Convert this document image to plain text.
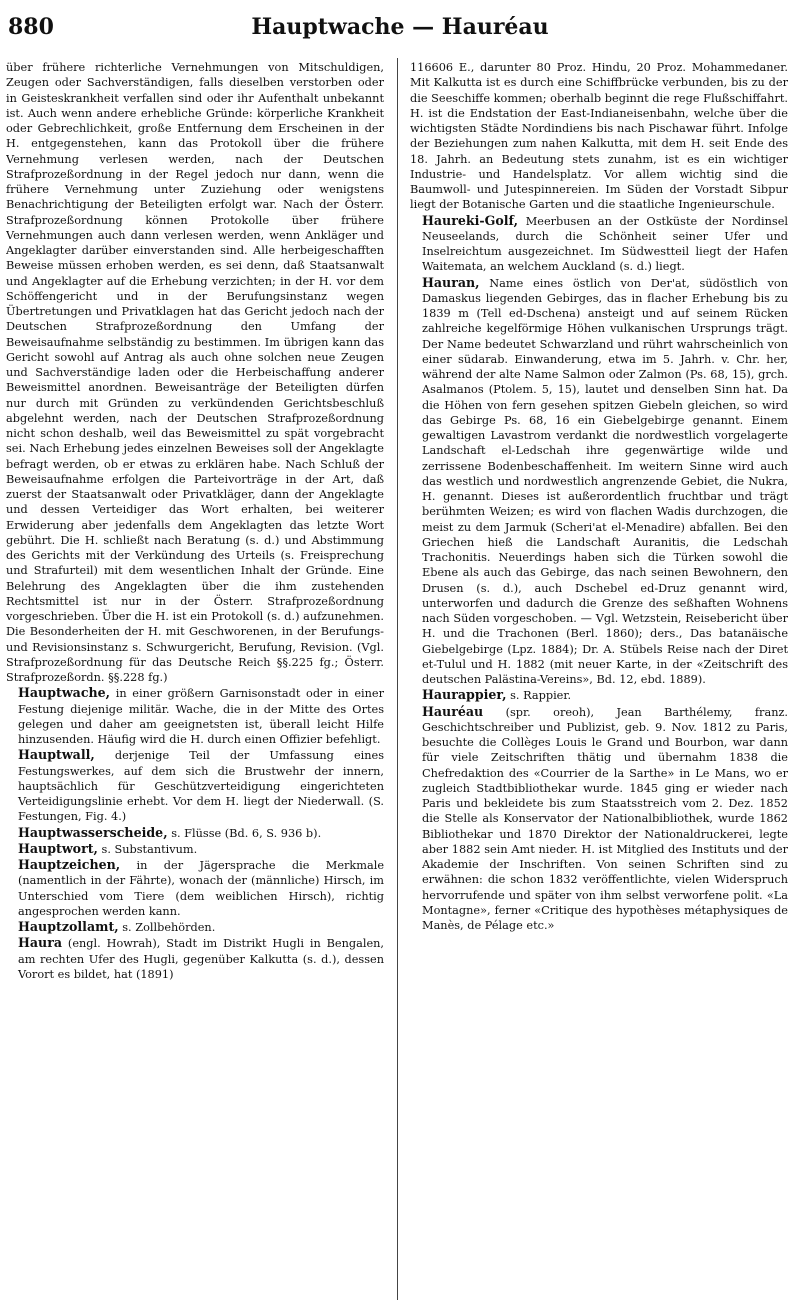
880	Hauptwache — Hauréau

über frühere richterliche Vernehmungen von Mitschuldigen, Zeugen oder Sachverständigen, falls dieselben verstorben oder in Geisteskrankheit verfallen sind oder ihr Aufenthalt unbekannt ist. Auch wenn andere erhebliche Gründe: körperliche Krankheit oder Gebrechlichkeit, große Entfernung dem Erscheinen in der H. entgegenstehen, kann das Protokoll über die frühere Vernehmung verlesen werden, nach der Deutschen Strafprozeßordnung in der Regel jedoch nur dann, wenn die frühere Vernehmung unter Zuziehung oder wenigstens Benachrichtigung der Beteiligten erfolgt war. Nach der Österr. Strafprozeßordnung können Protokolle über frühere Vernehmungen auch dann verlesen werden, wenn Ankläger und Angeklagter darüber einverstanden sind. Alle herbeigeschafften Beweise müssen erhoben werden, es sei denn, daß Staatsanwalt und Angeklagter auf die Erhebung verzichten; in der H. vor dem Schöffengericht und in der Berufungsinstanz wegen Übertretungen und Privatklagen hat das Gericht jedoch nach der Deutschen Strafprozeßordnung den Umfang der Beweisaufnahme selbständig zu bestimmen. Im übrigen kann das Gericht sowohl auf Antrag als auch ohne solchen neue Zeugen und Sachverständige laden oder die Herbeischaffung anderer Beweismittel anordnen. Beweisanträge der Beteiligten dürfen nur durch mit Gründen zu verkündenden Gerichtsbeschluß abgelehnt werden, nach der Deutschen Strafprozeßordnung nicht schon deshalb, weil das Beweismittel zu spät vorgebracht sei. Nach Erhebung jedes einzelnen Beweises soll der Angeklagte befragt werden, ob er etwas zu erklären habe. Nach Schluß der Beweisaufnahme erfolgen die Parteivorträge in der Art, daß zuerst der Staatsanwalt oder Privatkläger, dann der Angeklagte und dessen Verteidiger das Wort erhalten, bei weiterer Erwiderung aber jedenfalls dem Angeklagten das letzte Wort gebührt. Die H. schließt nach Beratung (s. d.) und Abstimmung des Gerichts mit der Verkündung des Urteils (s. Freisprechung und Strafurteil) mit dem wesentlichen Inhalt der Gründe. Eine Belehrung des Angeklagten über die ihm zustehenden Rechtsmittel ist nur in der Österr. Strafprozeßordnung vorgeschrieben. Über die H. ist ein Protokoll (s. d.) aufzunehmen. Die Besonderheiten der H. mit Geschworenen, in der Berufungs- und Revisionsinstanz s. Schwurgericht, Berufung, Revision. (Vgl. Strafprozeßordnung für das Deutsche Reich §§.225 fg.; Österr. Strafprozeßordn. §§.228 fg.)

Hauptwache, in einer größern Garnisonstadt oder in einer Festung diejenige militär. Wache, die in der Mitte des Ortes gelegen und daher am geeignetsten ist, überall leicht Hilfe hinzusenden. Häufig wird die H. durch einen Offizier befehligt.

Hauptwall, derjenige Teil der Umfassung eines Festungswerkes, auf dem sich die Brustwehr der innern, hauptsächlich für Geschützverteidigung eingerichteten Verteidigungslinie erhebt. Vor dem H. liegt der Niederwall. (S. Festungen, Fig. 4.)

Hauptwasserscheide, s. Flüsse (Bd. 6, S. 936 b).

Hauptwort, s. Substantivum.

Hauptzeichen, in der Jägersprache die Merkmale (namentlich in der Fährte), wonach der (männliche) Hirsch, im Unterschied vom Tiere (dem weiblichen Hirsch), richtig angesprochen werden kann.

Hauptzollamt, s. Zollbehörden.

Haura (engl. Howrah), Stadt im Distrikt Hugli in Bengalen, am rechten Ufer des Hugli, gegenüber Kalkutta (s. d.), dessen Vorort es bildet, hat (1891)

116606 E., darunter 80 Proz. Hindu, 20 Proz. Mohammedaner. Mit Kalkutta ist es durch eine Schiffbrücke verbunden, bis zu der die Seeschiffe kommen; oberhalb beginnt die rege Flußschiffahrt. H. ist die Endstation der East-Indianeisenbahn, welche über die wichtigsten Städte Nordindiens bis nach Pischawar führt. Infolge der Beziehungen zum nahen Kalkutta, mit dem H. seit Ende des 18. Jahrh. an Bedeutung stets zunahm, ist es ein wichtiger Industrie- und Handelsplatz. Vor allem wichtig sind die Baumwoll- und Jutespinnereien. Im Süden der Vorstadt Sibpur liegt der Botanische Garten und die staatliche Ingenieurschule.

Haureki-Golf, Meerbusen an der Ostküste der Nordinsel Neuseelands, durch die Schönheit seiner Ufer und Inselreichtum ausgezeichnet. Im Südwestteil liegt der Hafen Waitemata, an welchem Auckland (s. d.) liegt.

Hauran, Name eines östlich von Der'at, südöstlich von Damaskus liegenden Gebirges, das in flacher Erhebung bis zu 1839 m (Tell ed-Dschena) ansteigt und auf seinem Rücken zahlreiche kegelförmige Höhen vulkanischen Ursprungs trägt. Der Name bedeutet Schwarzland und rührt wahrscheinlich von einer südarab. Einwanderung, etwa im 5. Jahrh. v. Chr. her, während der alte Name Salmon oder Zalmon (Ps. 68, 15), grch. Asalmanos (Ptolem. 5, 15), lautet und denselben Sinn hat. Da die Höhen von fern gesehen spitzen Giebeln gleichen, so wird das Gebirge Ps. 68, 16 ein Giebelgebirge genannt. Einem gewaltigen Lavastrom verdankt die nordwestlich vorgelagerte Landschaft el-Ledschah ihre gegenwärtige wilde und zerrissene Bodenbeschaffenheit. Im weitern Sinne wird auch das westlich und nordwestlich angrenzende Gebiet, die Nukra, H. genannt. Dieses ist außerordentlich fruchtbar und trägt berühmten Weizen; es wird von flachen Wadis durchzogen, die meist zu dem Jarmuk (Scheri'at el-Menadire) abfallen. Bei den Griechen hieß die Landschaft Auranitis, die Ledschah Trachonitis. Neuerdings haben sich die Türken sowohl die Ebene als auch das Gebirge, das nach seinen Bewohnern, den Drusen (s. d.), auch Dschebel ed-Druz genannt wird, unterworfen und dadurch die Grenze des seßhaften Wohnens nach Süden vorgeschoben. — Vgl. Wetzstein, Reisebericht über H. und die Trachonen (Berl. 1860); ders., Das batanäische Giebelgebirge (Lpz. 1884); Dr. A. Stübels Reise nach der Diret et-Tulul und H. 1882 (mit neuer Karte, in der «Zeitschrift des deutschen Palästina-Vereins», Bd. 12, ebd. 1889).

Haurappier, s. Rappier.

Hauréau (spr. oreoh), Jean Barthélemy, franz. Geschichtschreiber und Publizist, geb. 9. Nov. 1812 zu Paris, besuchte die Collèges Louis le Grand und Bourbon, war dann für viele Zeitschriften thätig und übernahm 1838 die Chefredaktion des «Courrier de la Sarthe» in Le Mans, wo er zugleich Stadtbibliothekar wurde. 1845 ging er wieder nach Paris und bekleidete bis zum Staatsstreich vom 2. Dez. 1852 die Stelle als Konservator der Nationalbibliothek, wurde 1862 Bibliothekar und 1870 Direktor der Nationaldruckerei, legte aber 1882 sein Amt nieder. H. ist Mitglied des Instituts und der Akademie der Inschriften. Von seinen Schriften sind zu erwähnen: die schon 1832 veröffentlichte, vielen Widerspruch hervorrufende und später von ihm selbst verworfene polit. «La Montagne», ferner «Critique des hypothèses métaphysiques de Manès, de Pélage etc.»
